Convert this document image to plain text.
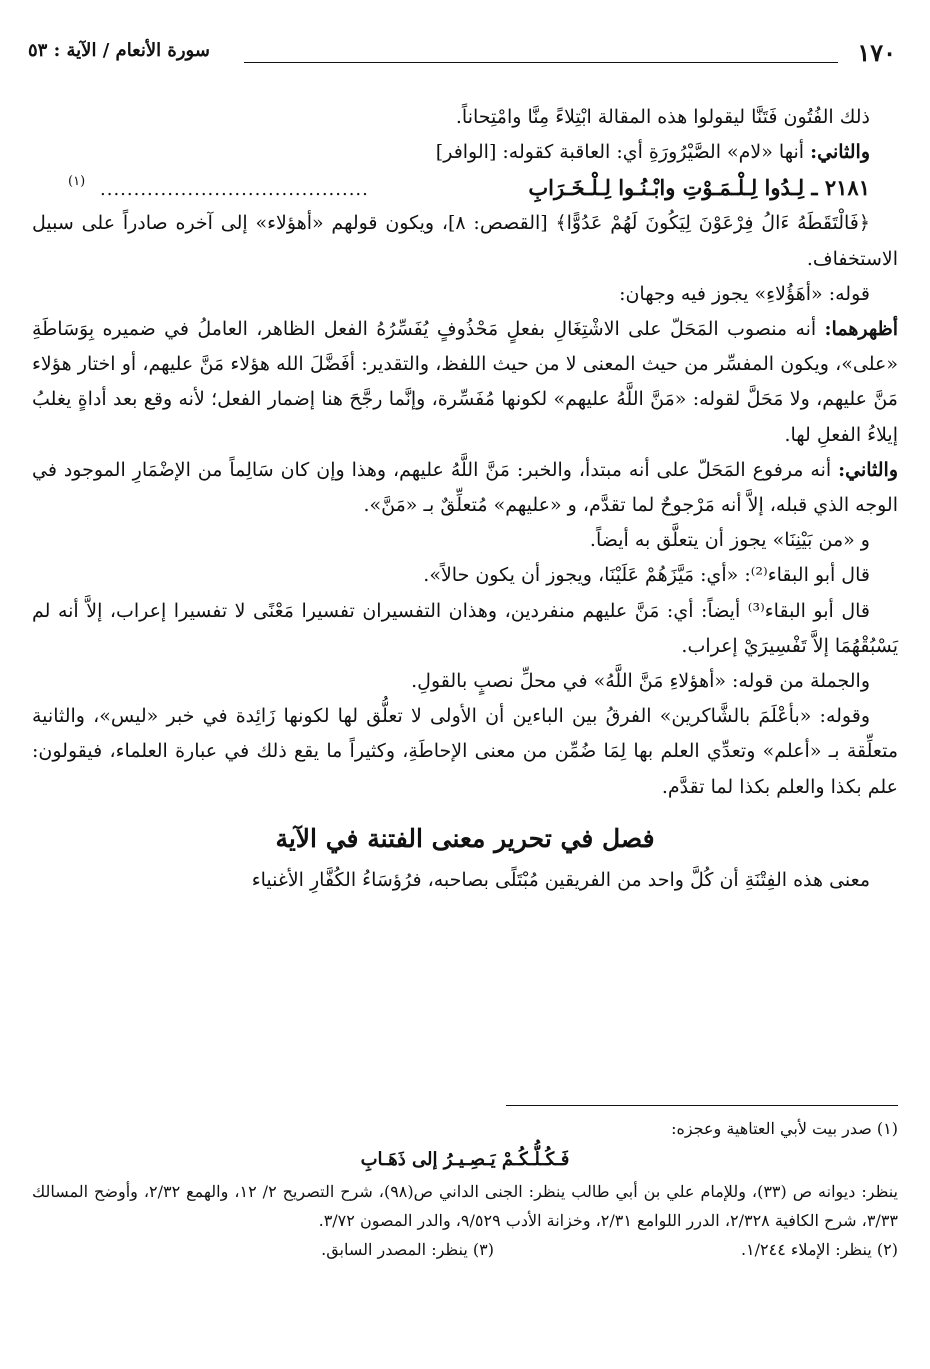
١٧٠
سورة الأنعام / الآية : ٥٣

ذلك الفُتُون فَتَنَّا ليقولوا هذه المقالة ابْتِلاءً مِنَّا وامْتِحاناً.

والثاني: أنها «لام» الصَّيْرُورَةِ أي: العاقبة كقوله: [الوافر]

٢١٨١ ـ لِـدُوا لِـلْـمَـوْتِ وابْـنُـوا لِـلْـخَـرَابِ
........................................
(١)

﴿فَالْتَقَطَهُ ءَالُ فِرْعَوْنَ لِيَكُونَ لَهُمْ عَدُوًّا﴾ [القصص: ٨]، ويكون قولهم «أهؤلاء» إلى آخره صادراً على سبيل الاستخفاف.

قوله: «أهَؤُلاءِ» يجوز فيه وجهان:

أظهرهما: أنه منصوب المَحَلّ على الاشْتِغَالِ بفعلٍ مَحْذُوفٍ يُفَسِّرُهُ الفعل الظاهر، العاملُ في ضميره بِوَسَاطَةِ «على»، ويكون المفسِّر من حيث المعنى لا من حيث اللفظ، والتقدير: أفَضَّلَ الله هؤلاء مَنَّ عليهم، أو اختار هؤلاء مَنَّ عليهم، ولا مَحَلَّ لقوله: «مَنَّ اللَّهُ عليهم» لكونها مُفَسِّرة، وإنَّما رجَّحَ هنا إضمار الفعل؛ لأنه وقع بعد أداةٍ يغلبُ إيلاءُ الفعلِ لها.

والثاني: أنه مرفوع المَحَلّ على أنه مبتدأ، والخبر: مَنَّ اللَّهُ عليهم، وهذا وإن كان سَالِماً من الإضْمَارِ الموجود في الوجه الذي قبله، إلاَّ أنه مَرْجوحٌ لما تقدَّم، و «عليهم» مُتعلِّقٌ بـ «مَنَّ».

و «من بَيْنِنَا» يجوز أن يتعلَّق به أيضاً.

قال أبو البقاء⁽²⁾: «أي: مَيَّزَهُمْ عَلَيْنَا، ويجوز أن يكون حالاً».

قال أبو البقاء⁽³⁾ أيضاً: أي: مَنَّ عليهم منفردين، وهذان التفسيران تفسيرا مَعْنًى لا تفسيرا إعراب، إلاَّ أنه لم يَسْبُقْهُمَا إلاَّ تَفْسِيرَيْ إعراب.

والجملة من قوله: «أهؤلاءِ مَنَّ اللَّهُ» في محلِّ نصبٍ بالقولِ.

وقوله: «بأعْلَمَ بالشَّاكرين» الفرقُ بين الباءين أن الأولى لا تعلُّق لها لكونها زَائِدة في خبر «ليس»، والثانية متعلِّقة بـ «أعلم» وتعدِّي العلم بها لِمَا ضُمِّن من معنى الإحاطَةِ، وكثيراً ما يقع ذلك في عبارة العلماء، فيقولون: علم بكذا والعلم بكذا لما تقدَّم.

فصل في تحرير معنى الفتنة في الآية

معنى هذه الفِتْنَةِ أن كُلَّ واحد من الفريقين مُبْتَلًى بصاحبه، فرُؤسَاءُ الكُفَّارِ الأغنياء

(١) صدر بيت لأبي العتاهية وعجزه:
فَـكُـلُّـكُـمْ يَـصِـيـرُ إلى ذَهَـابِ
ينظر: ديوانه ص (٣٣)، وللإمام علي بن أبي طالب ينظر: الجنى الداني ص(٩٨)، شرح التصريح ٢/ ١٢، والهمع ٢/٣٢، وأوضح المسالك ٣/٣٣، شرح الكافية ٢/٣٢٨، الدرر اللوامع ٢/٣١، وخزانة الأدب ٩/٥٢٩، والدر المصون ٣/٧٢.
(٢) ينظر: الإملاء ١/٢٤٤.
(٣) ينظر: المصدر السابق.
